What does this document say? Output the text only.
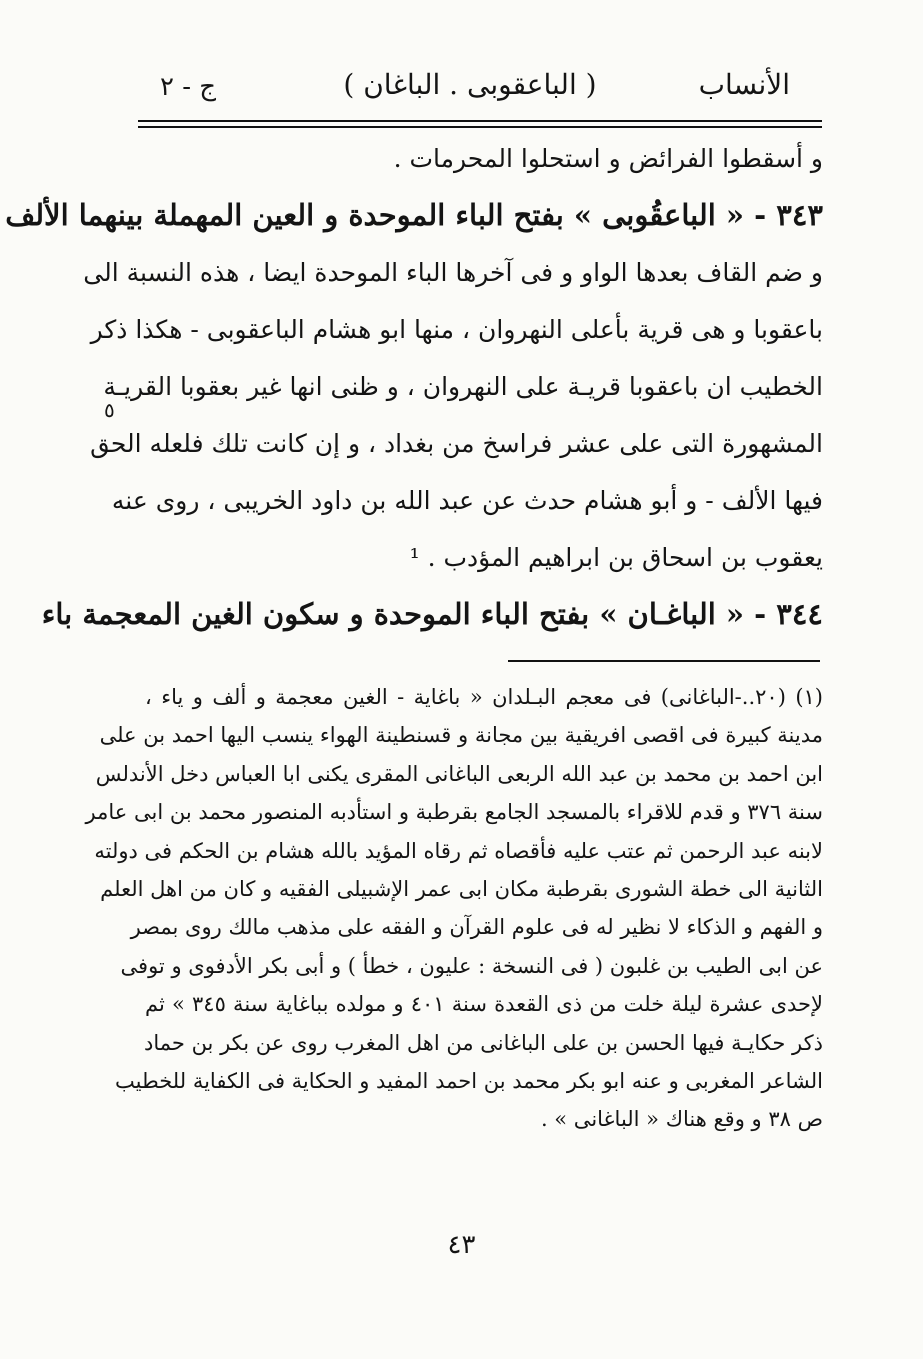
الأنساب
( الباعقوبى . الباغان )
ج - ٢
و أسقطوا الفرائض و استحلوا المحرمات .
٣٤٣ - « الباعقُوبى » بفتح الباء الموحدة و العين المهملة بينهما الألف
و ضم القاف بعدها الواو و فى آخرها الباء الموحدة ايضا ، هذه النسبة الى
باعقوبا و هى قرية بأعلى النهروان ، منها ابو هشام الباعقوبى - هكذا ذكر
الخطيب ان باعقوبا قريـة على النهروان ، و ظنى انها غير بعقوبا القريـة
المشهورة التى على عشر فراسخ من بغداد ، و إن كانت تلك فلعله الحق
فيها الألف - و أبو هشام حدث عن عبد الله بن داود الخريبى ، روى عنه
يعقوب بن اسحاق بن ابراهيم المؤدب . ¹
٣٤٤ - « الباغـان » بفتح الباء الموحدة و سكون الغين المعجمة باء
٥
(١) (٢٠..-الباغانى) فى معجم البـلدان « باغاية - الغين معجمة و ألف و ياء ،
مدينة كبيرة فى اقصى افريقية بين مجانة و قسنطينة الهواء ينسب اليها احمد بن على
ابن احمد بن محمد بن عبد الله الربعى الباغانى المقرى يكنى ابا العباس دخل الأندلس
سنة ٣٧٦ و قدم للاقراء بالمسجد الجامع بقرطبة و استأدبه المنصور محمد بن ابى عامر
لابنه عبد الرحمن ثم عتب عليه فأقصاه ثم رقاه المؤيد بالله هشام بن الحكم فى دولته
الثانية الى خطة الشورى بقرطبة مكان ابى عمر الإشبيلى الفقيه و كان من اهل العلم
و الفهم و الذكاء لا نظير له فى علوم القرآن و الفقه على مذهب مالك روى بمصر
عن ابى الطيب بن غلبون ( فى النسخة : عليون ، خطأ ) و أبى بكر الأدفوى و توفى
لإحدى عشرة ليلة خلت من ذى القعدة سنة ٤٠١ و مولده بباغاية سنة ٣٤٥ » ثم
ذكر حكايـة فيها الحسن بن على الباغانى من اهل المغرب روى عن بكر بن حماد
الشاعر المغربى و عنه ابو بكر محمد بن احمد المفيد و الحكاية فى الكفاية للخطيب
ص ٣٨ و وقع هناك « الباغانى » .
٤٣
